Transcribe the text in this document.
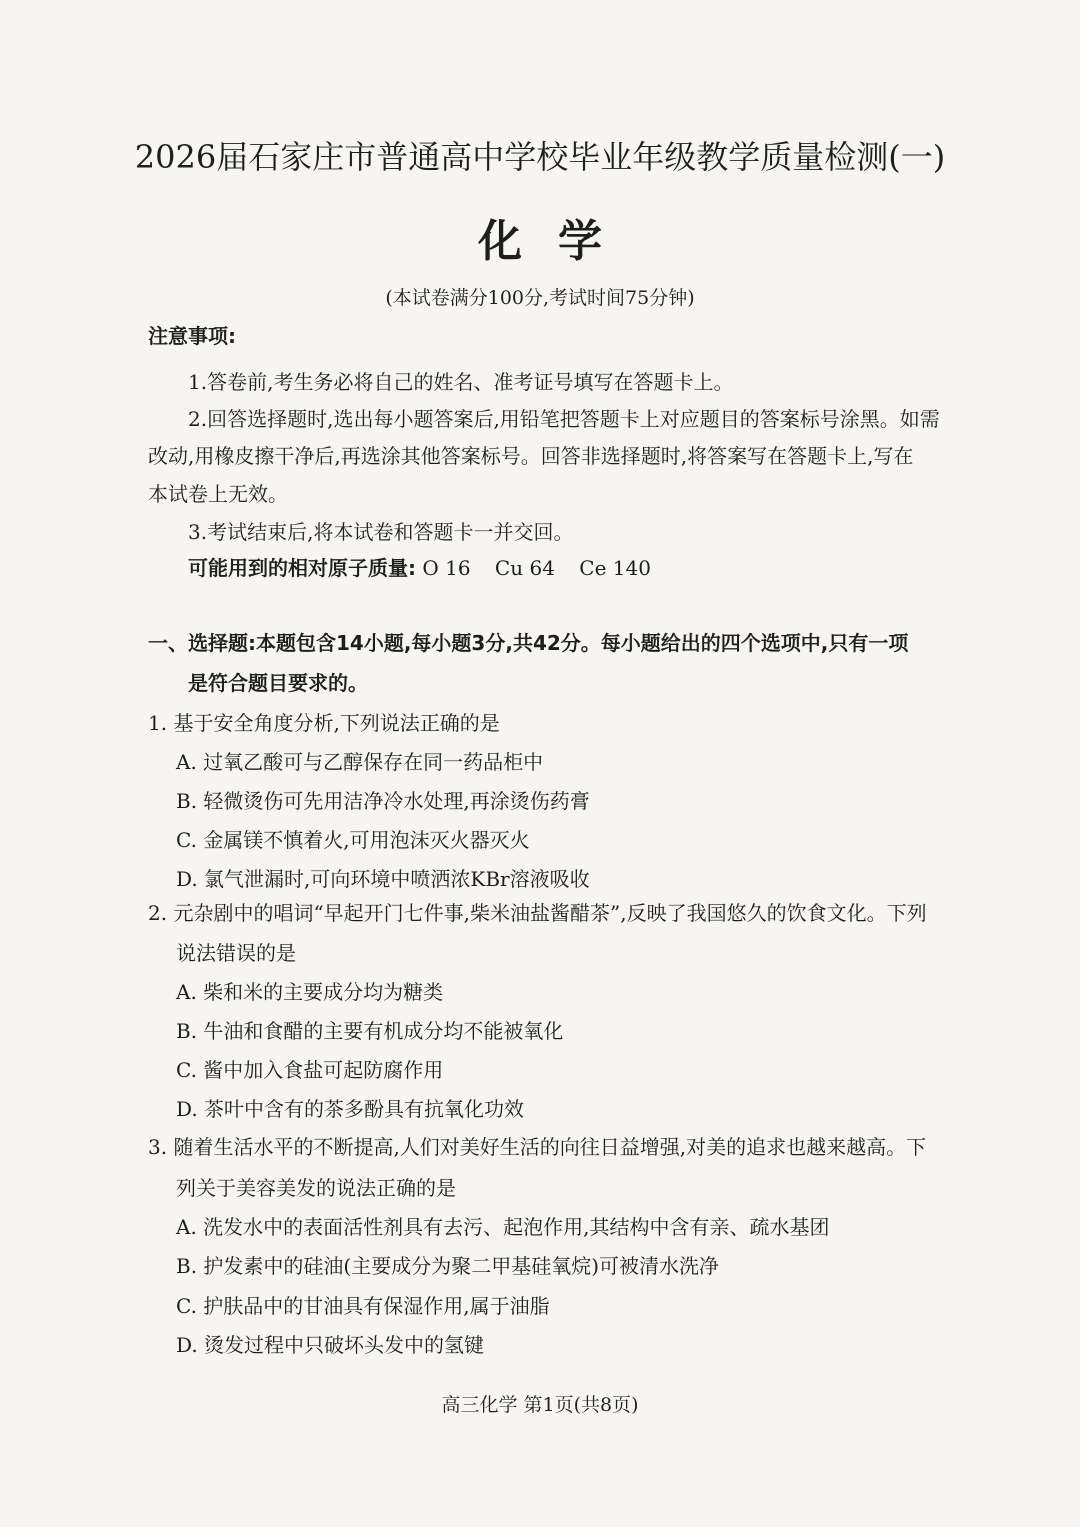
2026届石家庄市普通高中学校毕业年级教学质量检测(一)
化学
(本试卷满分100分,考试时间75分钟)
注意事项:
1.答卷前,考生务必将自己的姓名、准考证号填写在答题卡上。
2.回答选择题时,选出每小题答案后,用铅笔把答题卡上对应题目的答案标号涂黑。如需
改动,用橡皮擦干净后,再选涂其他答案标号。回答非选择题时,将答案写在答题卡上,写在
本试卷上无效。
3.考试结束后,将本试卷和答题卡一并交回。
可能用到的相对原子质量: O 16 Cu 64 Ce 140
一、选择题:本题包含14小题,每小题3分,共42分。每小题给出的四个选项中,只有一项
是符合题目要求的。
1. 基于安全角度分析,下列说法正确的是
A. 过氧乙酸可与乙醇保存在同一药品柜中
B. 轻微烫伤可先用洁净冷水处理,再涂烫伤药膏
C. 金属镁不慎着火,可用泡沫灭火器灭火
D. 氯气泄漏时,可向环境中喷洒浓KBr溶液吸收
2. 元杂剧中的唱词“早起开门七件事,柴米油盐酱醋茶”,反映了我国悠久的饮食文化。下列
说法错误的是
A. 柴和米的主要成分均为糖类
B. 牛油和食醋的主要有机成分均不能被氧化
C. 酱中加入食盐可起防腐作用
D. 茶叶中含有的茶多酚具有抗氧化功效
3. 随着生活水平的不断提高,人们对美好生活的向往日益增强,对美的追求也越来越高。下
列关于美容美发的说法正确的是
A. 洗发水中的表面活性剂具有去污、起泡作用,其结构中含有亲、疏水基团
B. 护发素中的硅油(主要成分为聚二甲基硅氧烷)可被清水洗净
C. 护肤品中的甘油具有保湿作用,属于油脂
D. 烫发过程中只破坏头发中的氢键
高三化学 第1页(共8页)
